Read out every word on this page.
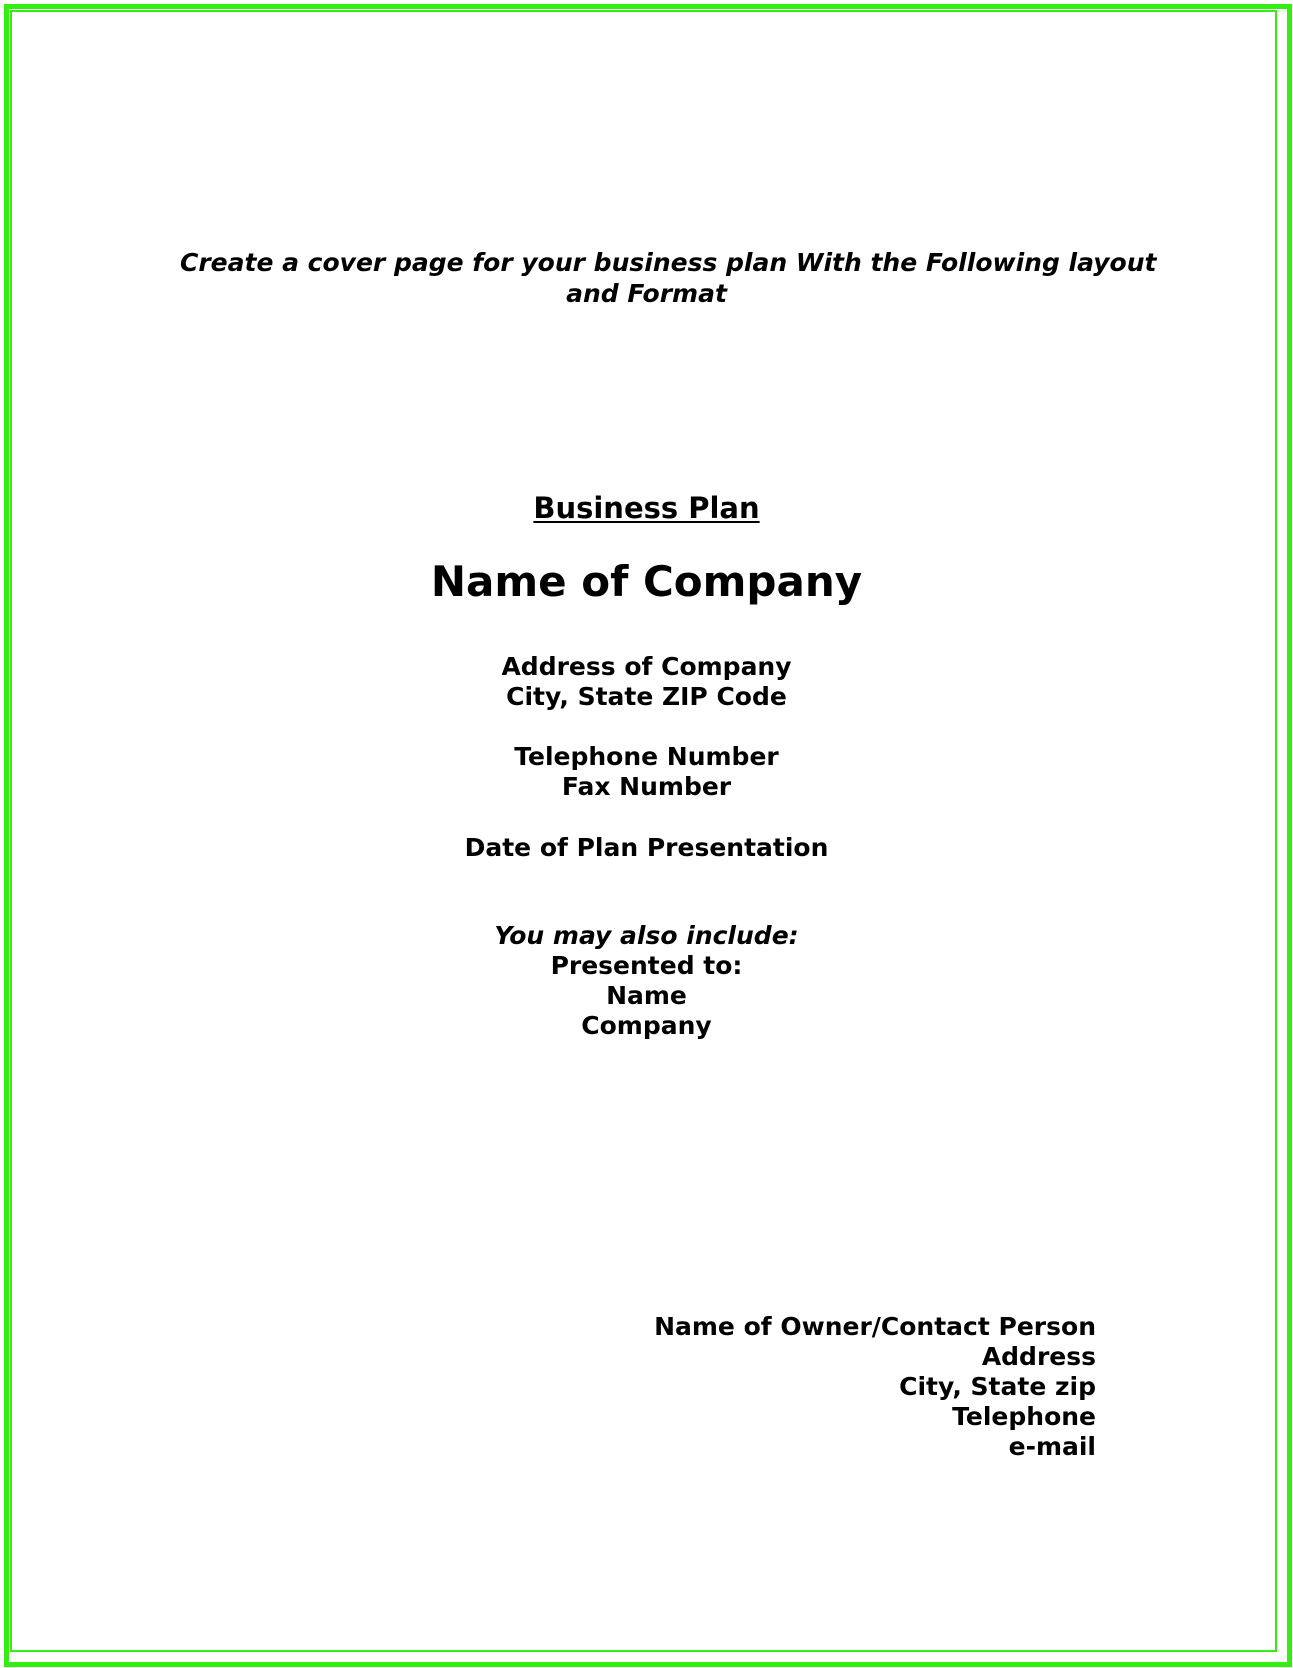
Create a cover page for your business plan With the Following layout
and Format
Business Plan
Name of Company
Address of Company
City, State ZIP Code
Telephone Number
Fax Number
Date of Plan Presentation
You may also include:
Presented to:
Name
Company
Name of Owner/Contact Person
Address
City, State zip
Telephone
e-mail
